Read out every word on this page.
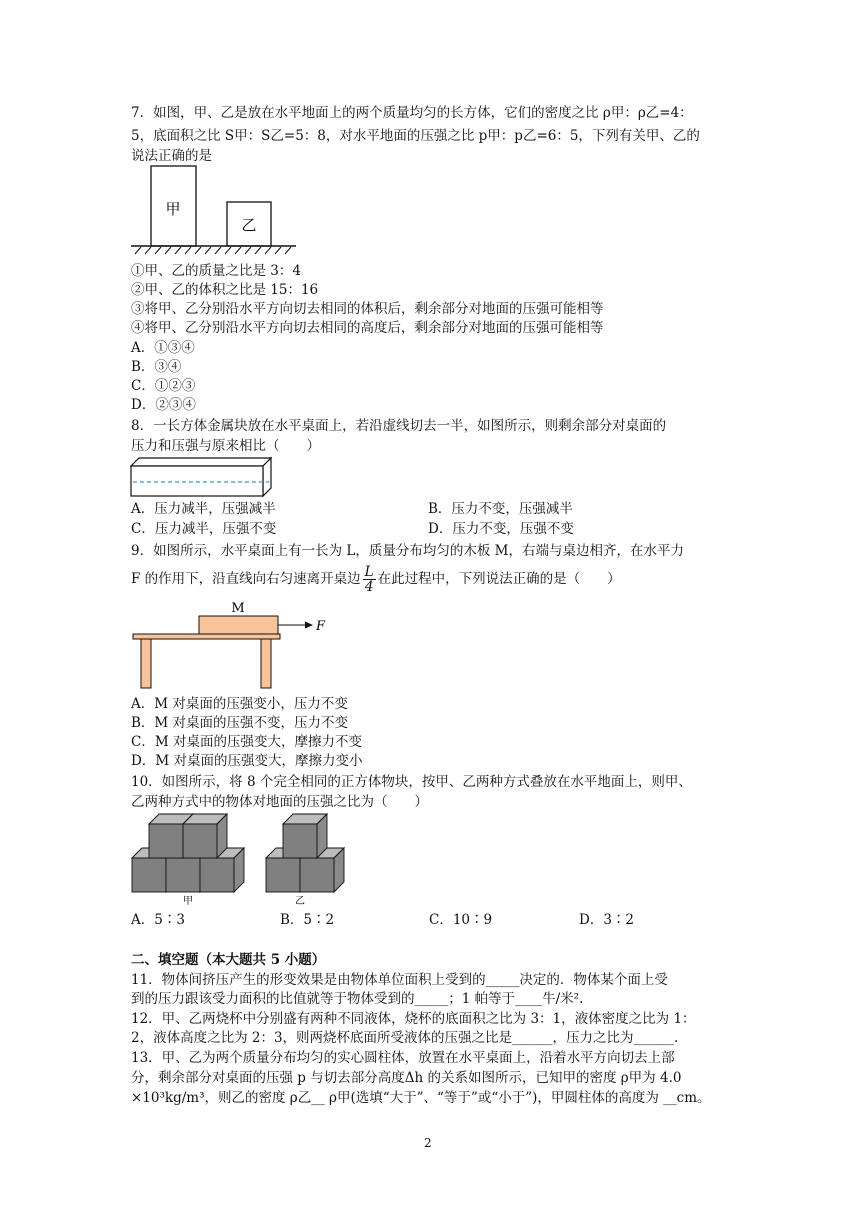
7．如图，甲、乙是放在水平地面上的两个质量均匀的长方体，它们的密度之比 ρ甲：ρ乙=4：
5，底面积之比 S甲：S乙=5：8，对水平地面的压强之比 p甲：p乙=6：5，下列有关甲、乙的
说法正确的是
甲
乙
①甲、乙的质量之比是 3：4
②甲、乙的体积之比是 15：16
③将甲、乙分别沿水平方向切去相同的体积后，剩余部分对地面的压强可能相等
④将甲、乙分别沿水平方向切去相同的高度后，剩余部分对地面的压强可能相等
A．①③④
B．③④
C．①②③
D．②③④
8．一长方体金属块放在水平桌面上，若沿虚线切去一半，如图所示，则剩余部分对桌面的
压力和压强与原来相比（　　）
A．压力减半，压强减半	B．压力不变，压强减半
C．压力减半，压强不变	D．压力不变，压强不变
9．如图所示，水平桌面上有一长为 L，质量分布均匀的木板 M，右端与桌边相齐，在水平力
F 的作用下，沿直线向右匀速离开桌边 $\frac{L}{4}$ 在此过程中，下列说法正确的是（　　）
M
F
A．M 对桌面的压强变小，压力不变
B．M 对桌面的压强不变，压力不变
C．M 对桌面的压强变大，摩擦力不变
D．M 对桌面的压强变大，摩擦力变小
10．如图所示，将 8 个完全相同的正方体物块，按甲、乙两种方式叠放在水平地面上，则甲、
乙两种方式中的物体对地面的压强之比为（　　）
甲	乙
A．5∶3	B．5∶2	C．10∶9	D．3∶2
二、填空题（本大题共 5 小题）
11．物体间挤压产生的形变效果是由物体单位面积上受到的_____决定的．物体某个面上受
到的压力跟该受力面积的比值就等于物体受到的_____；1 帕等于____牛/米².
12．甲、乙两烧杯中分别盛有两种不同液体，烧杯的底面积之比为 3：1，液体密度之比为 1：
2，液体高度之比为 2：3，则两烧杯底面所受液体的压强之比是______，压力之比为______.
13．甲、乙为两个质量分布均匀的实心圆柱体，放置在水平桌面上，沿着水平方向切去上部
分，剩余部分对桌面的压强 p 与切去部分高度Δh 的关系如图所示，已知甲的密度 ρ甲为 4.0
×10³kg/m³，则乙的密度 ρ乙__ ρ甲(选填“大于”、“等于”或“小于”)，甲圆柱体的高度为 __cm。
2
